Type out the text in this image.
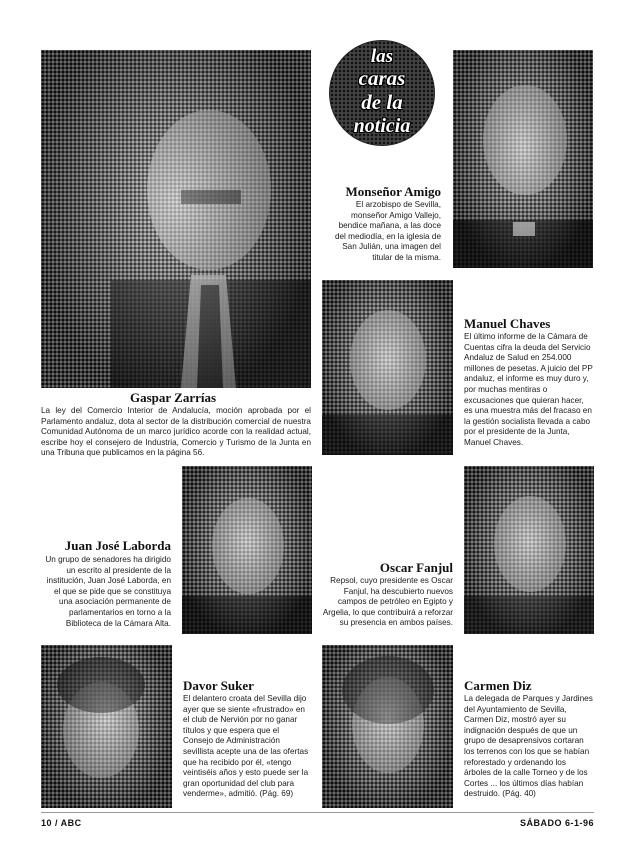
Gaspar Zarrías
La ley del Comercio Interior de Andalucía, moción aprobada por el Parlamento andaluz, dota al sector de la distribución comercial de nuestra Comunidad Autónoma de un marco jurídico acorde con la realidad actual, escribe hoy el consejero de Industria, Comercio y Turismo de la Junta en una Tribuna que publicamos en la página 56.
las
caras
de la
noticia
Monseñor Amigo
El arzobispo de Sevilla, monseñor Amigo Vallejo, bendice mañana, a las doce del mediodía, en la iglesia de San Julián, una imagen del titular de la misma.
Manuel Chaves
El último informe de la Cámara de Cuentas cifra la deuda del Servicio Andaluz de Salud en 254.000 millones de pesetas. A juicio del PP andaluz, el informe es muy duro y, por muchas mentiras o excusaciones que quieran hacer, es una muestra más del fracaso en la gestión socialista llevada a cabo por el presidente de la Junta, Manuel Chaves.
Juan José Laborda
Un grupo de senadores ha dirigido un escrito al presidente de la institución, Juan José Laborda, en el que se pide que se constituya una asociación permanente de parlamentarios en torno a la Biblioteca de la Cámara Alta.
Oscar Fanjul
Repsol, cuyo presidente es Oscar Fanjul, ha descubierto nuevos campos de petróleo en Egipto y Argelia, lo que contribuirá a reforzar su presencia en ambos países.
Davor Suker
El delantero croata del Sevilla dijo ayer que se siente «frustrado» en el club de Nervión por no ganar títulos y que espera que el Consejo de Administración sevillista acepte una de las ofertas que ha recibido por él, «tengo veintiséis años y esto puede ser la gran oportunidad del club para venderme», admitió. (Pág. 69)
Carmen Diz
La delegada de Parques y Jardines del Ayuntamiento de Sevilla, Carmen Diz, mostró ayer su indignación después de que un grupo de desaprensivos cortaran los terrenos con los que se habían reforestado y ordenando los árboles de la calle Torneo y de los Cortes ... los últimos días habían destruido. (Pág. 40)
10 / ABC	SÁBADO 6-1-96
